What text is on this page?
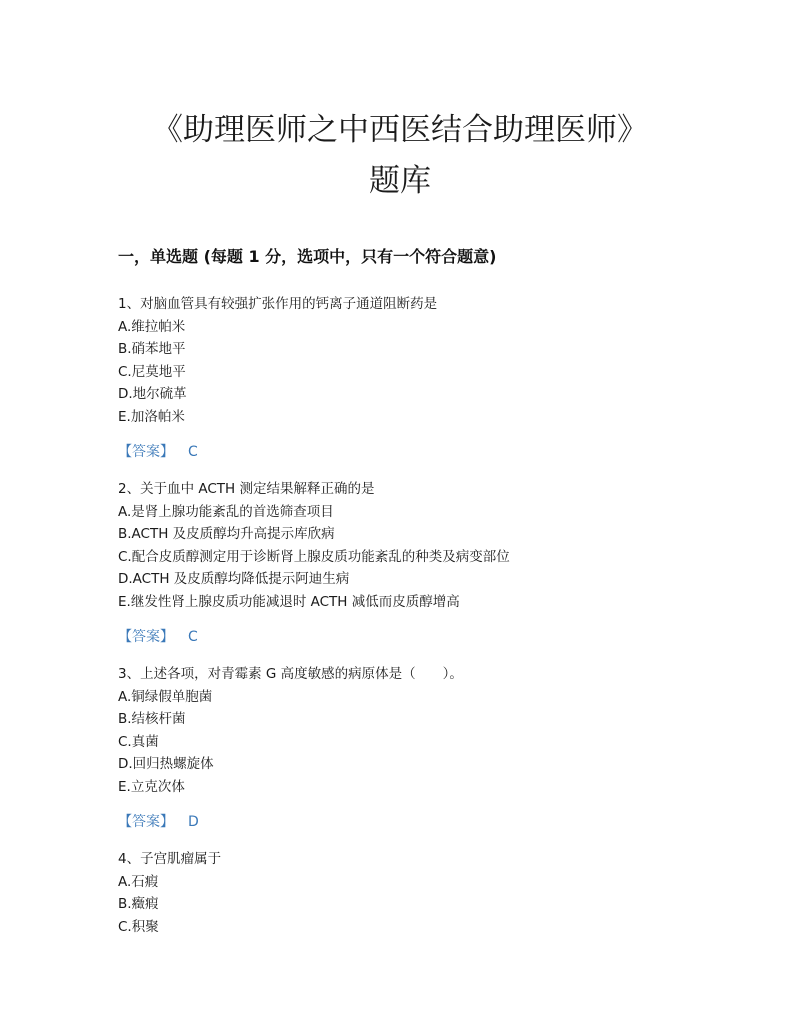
《助理医师之中西医结合助理医师》
题库
一，单选题 (每题 1 分，选项中，只有一个符合题意)
1、对脑血管具有较强扩张作用的钙离子通道阻断药是
A.维拉帕米
B.硝苯地平
C.尼莫地平
D.地尔硫革
E.加洛帕米
【答案】 C
2、关于血中 ACTH 测定结果解释正确的是
A.是肾上腺功能紊乱的首选筛查项目
B.ACTH 及皮质醇均升高提示库欣病
C.配合皮质醇测定用于诊断肾上腺皮质功能紊乱的种类及病变部位
D.ACTH 及皮质醇均降低提示阿迪生病
E.继发性肾上腺皮质功能减退时 ACTH 减低而皮质醇增高
【答案】 C
3、上述各项，对青霉素 G 高度敏感的病原体是（　　）。
A.铜绿假单胞菌
B.结核杆菌
C.真菌
D.回归热螺旋体
E.立克次体
【答案】 D
4、子宫肌瘤属于
A.石瘕
B.癥瘕
C.积聚
